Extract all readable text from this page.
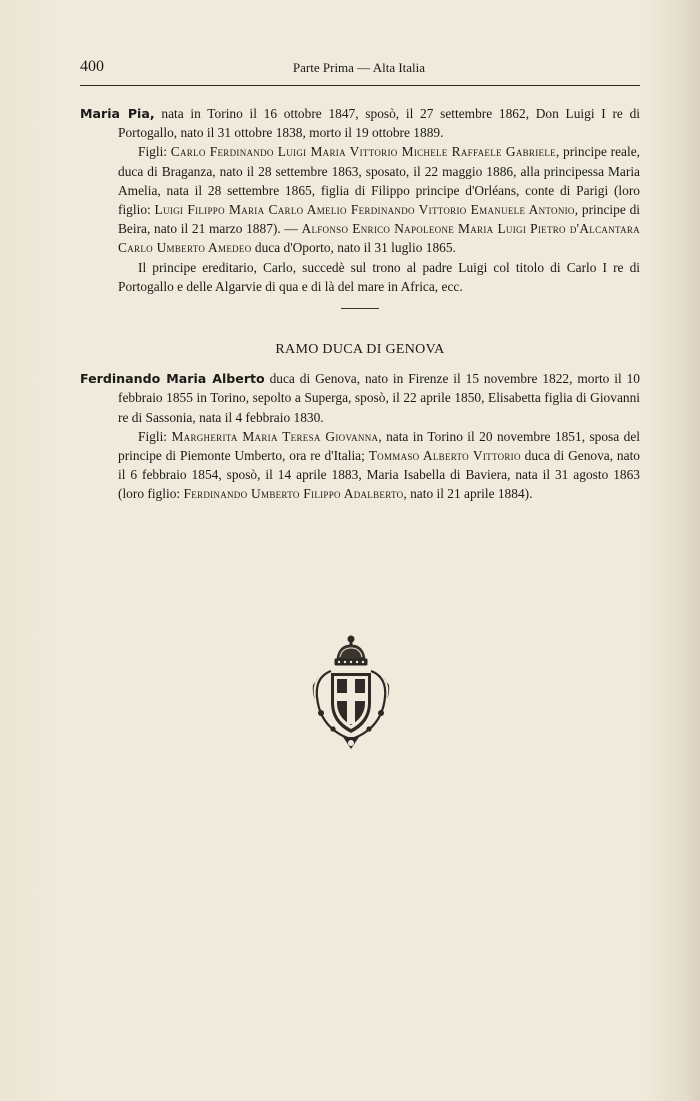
400	Parte Prima — Alta Italia

Maria Pia, nata in Torino il 16 ottobre 1847, sposò, il 27 settembre 1862, Don Luigi I re di Portogallo, nato il 31 ottobre 1838, morto il 19 ottobre 1889.

Figli: Carlo Ferdinando Luigi Maria Vittorio Michele Raffaele Gabriele, principe reale, duca di Braganza, nato il 28 settembre 1863, sposato, il 22 maggio 1886, alla principessa Maria Amelia, nata il 28 settembre 1865, figlia di Filippo principe d'Orléans, conte di Parigi (loro figlio: Luigi Filippo Maria Carlo Amelio Ferdinando Vittorio Emanuele Antonio, principe di Beira, nato il 21 marzo 1887). — Alfonso Enrico Napoleone Maria Luigi Pietro d'Alcantara Carlo Umberto Amedeo duca d'Oporto, nato il 31 luglio 1865.

Il principe ereditario, Carlo, succedè sul trono al padre Luigi col titolo di Carlo I re di Portogallo e delle Algarvie di qua e di là del mare in Africa, ecc.

RAMO DUCA DI GENOVA

Ferdinando Maria Alberto duca di Genova, nato in Firenze il 15 novembre 1822, morto il 10 febbraio 1855 in Torino, sepolto a Superga, sposò, il 22 aprile 1850, Elisabetta figlia di Giovanni re di Sassonia, nata il 4 febbraio 1830.

Figli: Margherita Maria Teresa Giovanna, nata in Torino il 20 novembre 1851, sposa del principe di Piemonte Umberto, ora re d'Italia; Tommaso Alberto Vittorio duca di Genova, nato il 6 febbraio 1854, sposò, il 14 aprile 1883, Maria Isabella di Baviera, nata il 31 agosto 1863 (loro figlio: Ferdinando Umberto Filippo Adalberto, nato il 21 aprile 1884).
